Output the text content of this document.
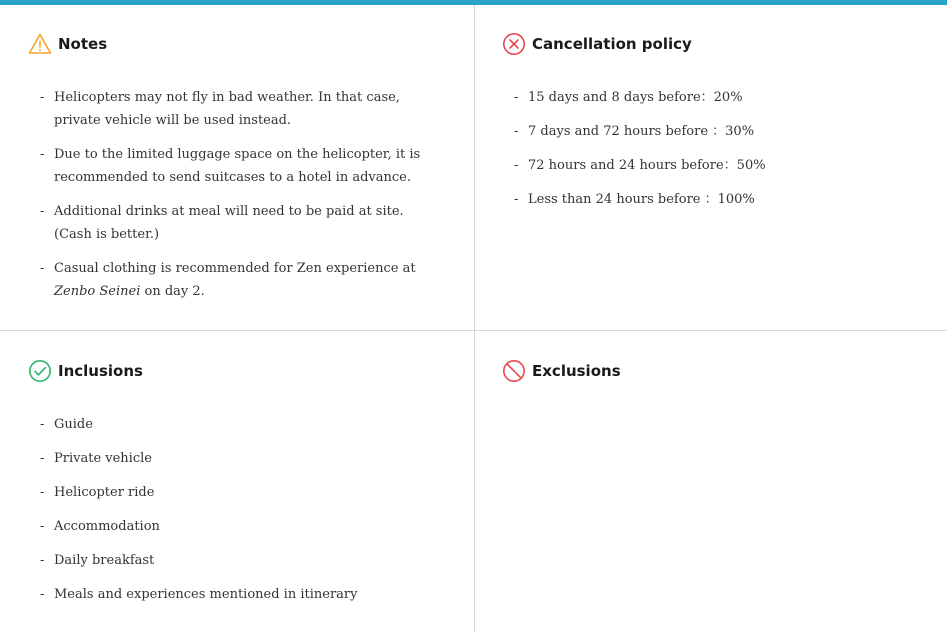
Notes
- Helicopters may not fly in bad weather. In that case, private vehicle will be used instead.
- Due to the limited luggage space on the helicopter, it is recommended to send suitcases to a hotel in advance.
- Additional drinks at meal will need to be paid at site. (Cash is better.)
- Casual clothing is recommended for Zen experience at Zenbo Seinei on day 2.
Cancellation policy
- 15 days and 8 days before：20%
- 7 days and 72 hours before ：30%
- 72 hours and 24 hours before：50%
- Less than 24 hours before ：100%
Inclusions
- Guide
- Private vehicle
- Helicopter ride
- Accommodation
- Daily breakfast
- Meals and experiences mentioned in itinerary
Exclusions
